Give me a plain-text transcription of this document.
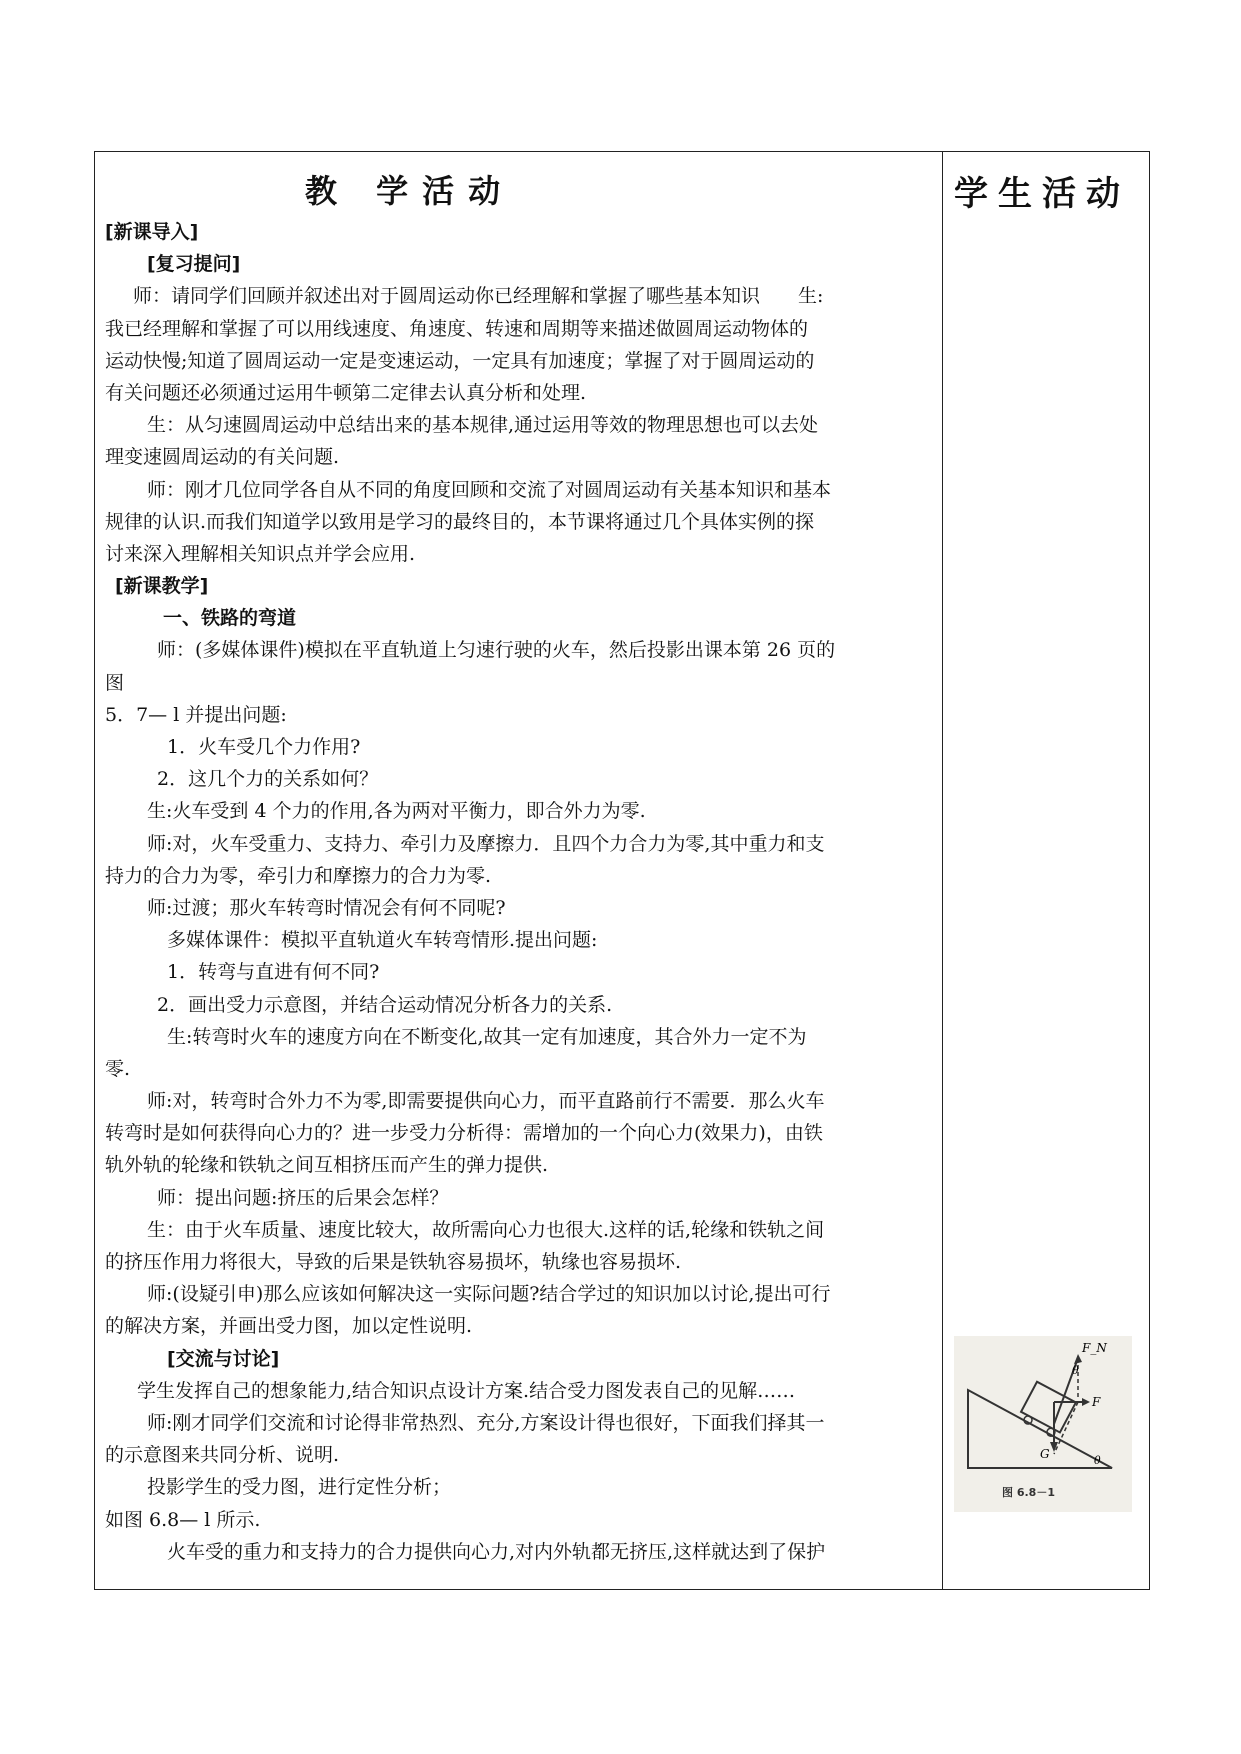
教 学活动
[新课导入]
[复习提问]
师：请同学们回顾并叙述出对于圆周运动你已经理解和掌握了哪些基本知识　　生:
我已经理解和掌握了可以用线速度、角速度、转速和周期等来描述做圆周运动物体的
运动快慢;知道了圆周运动一定是变速运动，一定具有加速度；掌握了对于圆周运动的
有关问题还必须通过运用牛顿第二定律去认真分析和处理.
生：从匀速圆周运动中总结出来的基本规律,通过运用等效的物理思想也可以去处
理变速圆周运动的有关问题.
师：刚才几位同学各自从不同的角度回顾和交流了对圆周运动有关基本知识和基本
规律的认识.而我们知道学以致用是学习的最终目的，本节课将通过几个具体实例的探
讨来深入理解相关知识点并学会应用.
[新课教学]
一、铁路的弯道
师：(多媒体课件)模拟在平直轨道上匀速行驶的火车，然后投影出课本第 26 页的
图
5．7— l 并提出问题:
1．火车受几个力作用?
2．这几个力的关系如何？
生:火车受到 4 个力的作用,各为两对平衡力，即合外力为零.
师:对，火车受重力、支持力、牵引力及摩擦力．且四个力合力为零,其中重力和支
持力的合力为零，牵引力和摩擦力的合力为零.
师:过渡；那火车转弯时情况会有何不同呢?
多媒体课件：模拟平直轨道火车转弯情形.提出问题:
1．转弯与直进有何不同?
2．画出受力示意图，并结合运动情况分析各力的关系.
生:转弯时火车的速度方向在不断变化,故其一定有加速度，其合外力一定不为
零.
师:对，转弯时合外力不为零,即需要提供向心力，而平直路前行不需要．那么火车
转弯时是如何获得向心力的？进一步受力分析得：需增加的一个向心力(效果力)，由铁
轨外轨的轮缘和铁轨之间互相挤压而产生的弹力提供.
师：提出问题:挤压的后果会怎样？
生：由于火车质量、速度比较大，故所需向心力也很大.这样的话,轮缘和铁轨之间
的挤压作用力将很大，导致的后果是铁轨容易损坏，轨缘也容易损坏.
师:(设疑引申)那么应该如何解决这一实际问题?结合学过的知识加以讨论,提出可行
的解决方案，并画出受力图，加以定性说明.
[交流与讨论]
学生发挥自己的想象能力,结合知识点设计方案.结合受力图发表自己的见解……
师:刚才同学们交流和讨论得非常热烈、充分,方案设计得也很好，下面我们择其一
的示意图来共同分析、说明.
投影学生的受力图，进行定性分析；
如图 6.8— l 所示.
火车受的重力和支持力的合力提供向心力,对内外轨都无挤压,这样就达到了保护
学生活动
F_N
θ
F
G	θ
图 6.8－1
